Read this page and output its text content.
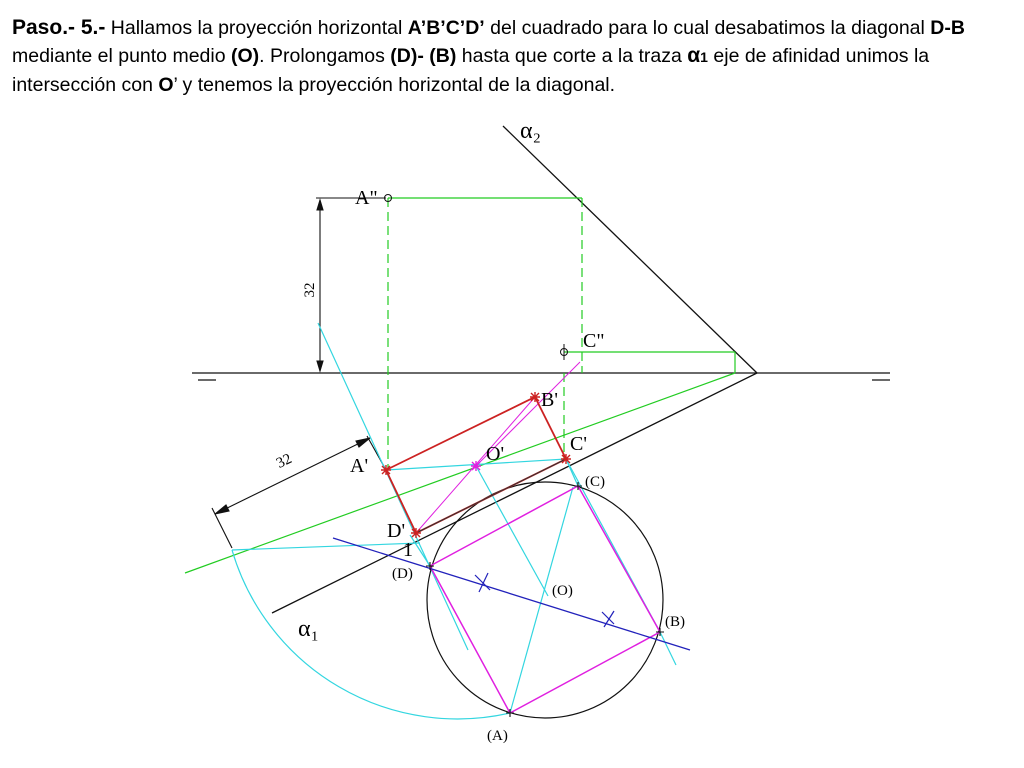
Paso.- 5.- Hallamos la proyección horizontal A’B’C’D’ del cuadrado para lo cual desabatimos la diagonal D-B mediante el punto medio (O). Prolongamos (D)- (B) hasta que corte a la traza α1 eje de afinidad unimos la intersección con O’ y tenemos la proyección horizontal de la diagonal.
32
32
α₂
α₁
A"
C"
A'
B'
C'
D'
O'
1
(C)
(D)
(O)
(B)
(A)
